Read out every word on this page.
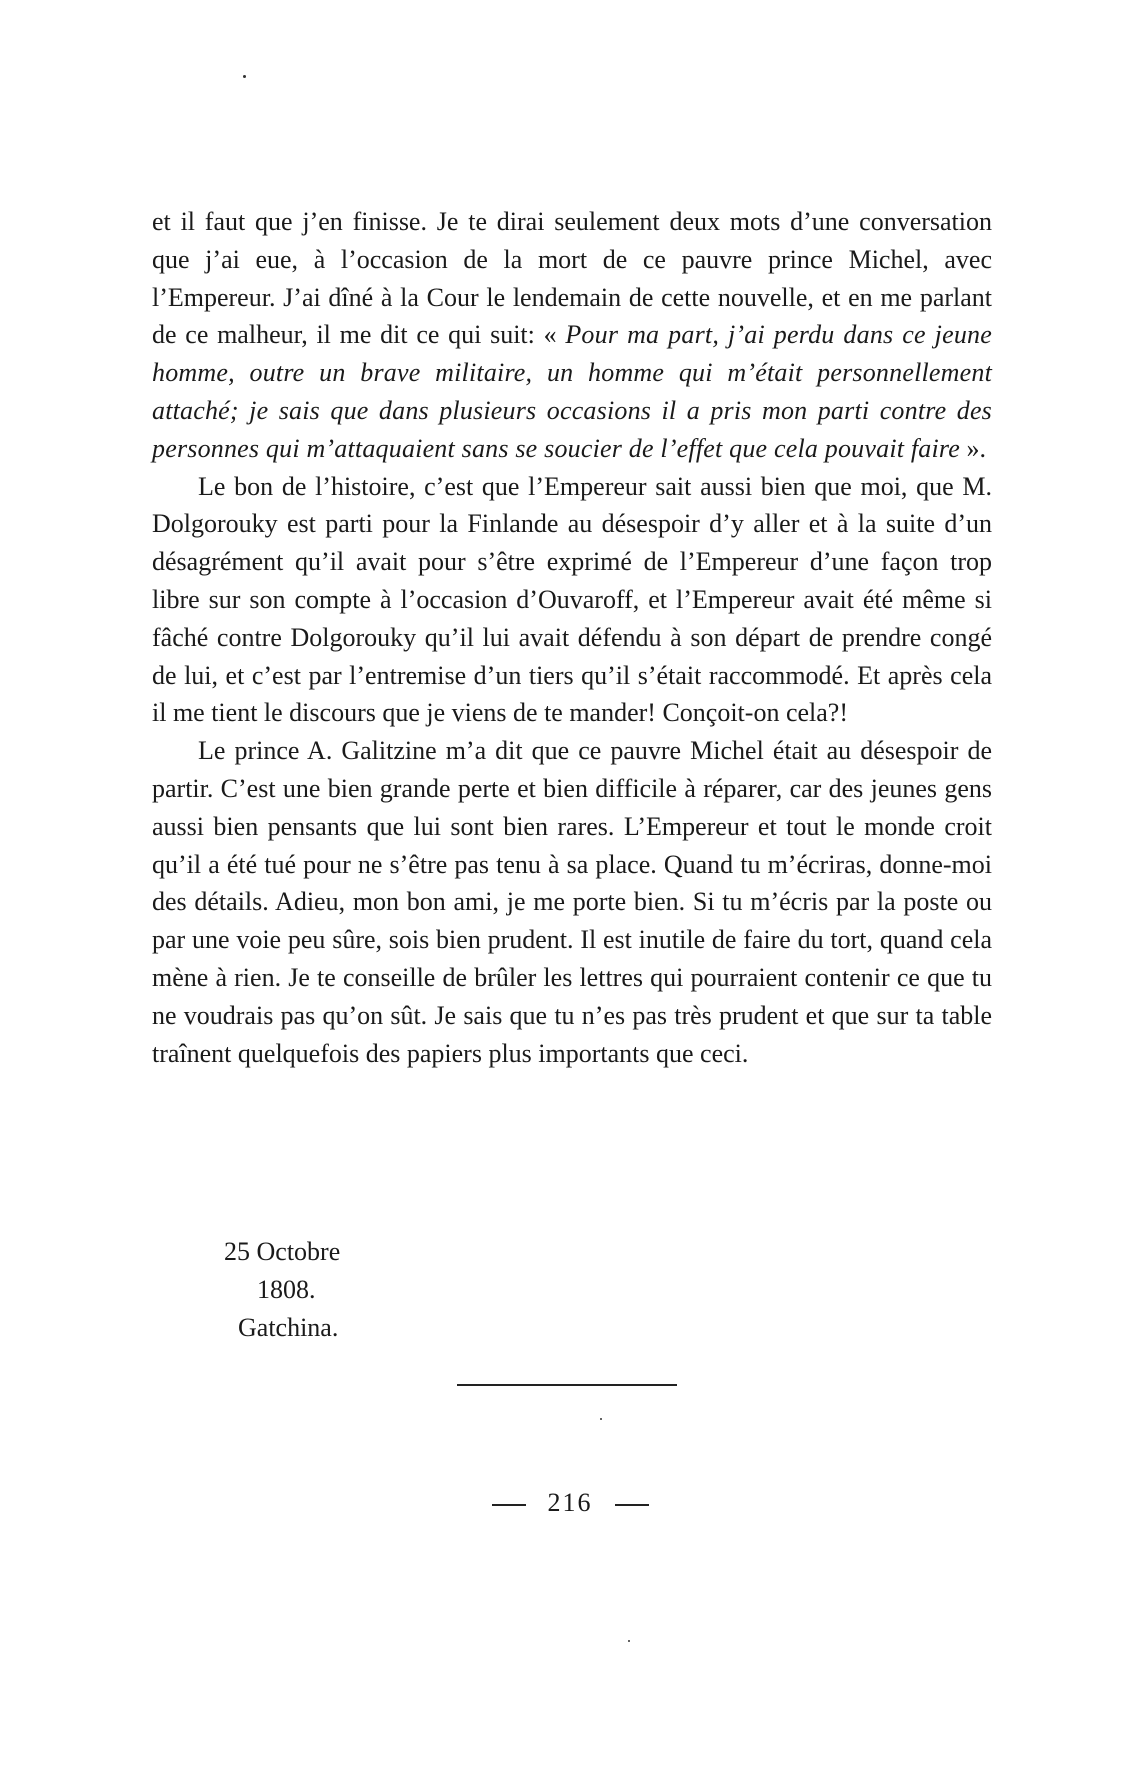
et il faut que j’en finisse. Je te dirai seulement deux mots d’une conversation que j’ai eue, à l’occasion de la mort de ce pauvre prince Michel, avec l’Empereur. J’ai dîné à la Cour le lendemain de cette nouvelle, et en me parlant de ce malheur, il me dit ce qui suit: « Pour ma part, j’ai perdu dans ce jeune homme, outre un brave militaire, un homme qui m’était personnellement attaché; je sais que dans plusieurs occasions il a pris mon parti contre des personnes qui m’attaquaient sans se soucier de l’effet que cela pouvait faire ».

Le bon de l’histoire, c’est que l’Empereur sait aussi bien que moi, que M. Dolgorouky est parti pour la Finlande au désespoir d’y aller et à la suite d’un désagrément qu’il avait pour s’être exprimé de l’Empereur d’une façon trop libre sur son compte à l’occasion d’Ouvaroff, et l’Empereur avait été même si fâché contre Dolgorouky qu’il lui avait défendu à son départ de prendre congé de lui, et c’est par l’entremise d’un tiers qu’il s’était raccommodé. Et après cela il me tient le discours que je viens de te mander! Conçoit-on cela?!

Le prince A. Galitzine m’a dit que ce pauvre Michel était au désespoir de partir. C’est une bien grande perte et bien difficile à réparer, car des jeunes gens aussi bien pensants que lui sont bien rares. L’Empereur et tout le monde croit qu’il a été tué pour ne s’être pas tenu à sa place. Quand tu m’écriras, donne-moi des détails. Adieu, mon bon ami, je me porte bien. Si tu m’écris par la poste ou par une voie peu sûre, sois bien prudent. Il est inutile de faire du tort, quand cela mène à rien. Je te conseille de brûler les lettres qui pourraient contenir ce que tu ne voudrais pas qu’on sût. Je sais que tu n’es pas très prudent et que sur ta table traînent quelquefois des papiers plus importants que ceci.

25 Octobre
1808.
Gatchina.
216
